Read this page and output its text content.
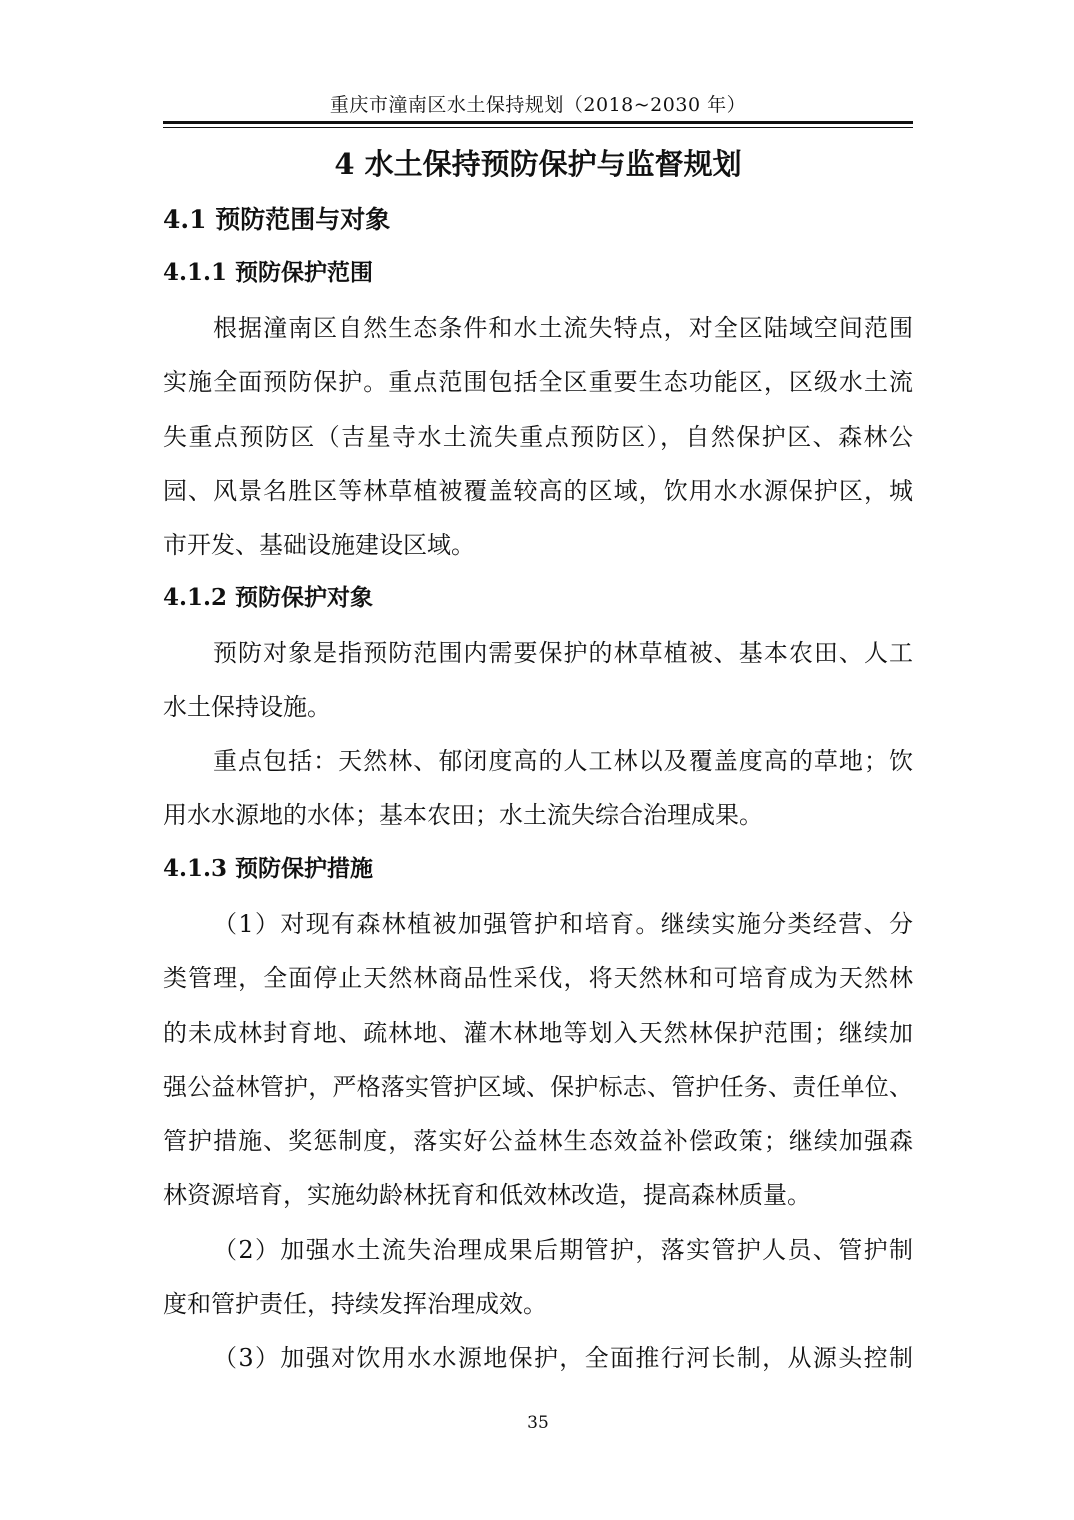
重庆市潼南区水土保持规划（2018~2030 年）
4 水土保持预防保护与监督规划
4.1 预防范围与对象
4.1.1 预防保护范围
根据潼南区自然生态条件和水土流失特点，对全区陆域空间范围
实施全面预防保护。重点范围包括全区重要生态功能区，区级水土流
失重点预防区（吉星寺水土流失重点预防区），自然保护区、森林公
园、风景名胜区等林草植被覆盖较高的区域，饮用水水源保护区，城
市开发、基础设施建设区域。
4.1.2 预防保护对象
预防对象是指预防范围内需要保护的林草植被、基本农田、人工
水土保持设施。
重点包括：天然林、郁闭度高的人工林以及覆盖度高的草地；饮
用水水源地的水体；基本农田；水土流失综合治理成果。
4.1.3 预防保护措施
（1）对现有森林植被加强管护和培育。继续实施分类经营、分
类管理，全面停止天然林商品性采伐，将天然林和可培育成为天然林
的未成林封育地、疏林地、灌木林地等划入天然林保护范围；继续加
强公益林管护，严格落实管护区域、保护标志、管护任务、责任单位、
管护措施、奖惩制度，落实好公益林生态效益补偿政策；继续加强森
林资源培育，实施幼龄林抚育和低效林改造，提高森林质量。
（2）加强水土流失治理成果后期管护，落实管护人员、管护制
度和管护责任，持续发挥治理成效。
（3）加强对饮用水水源地保护，全面推行河长制，从源头控制
35
